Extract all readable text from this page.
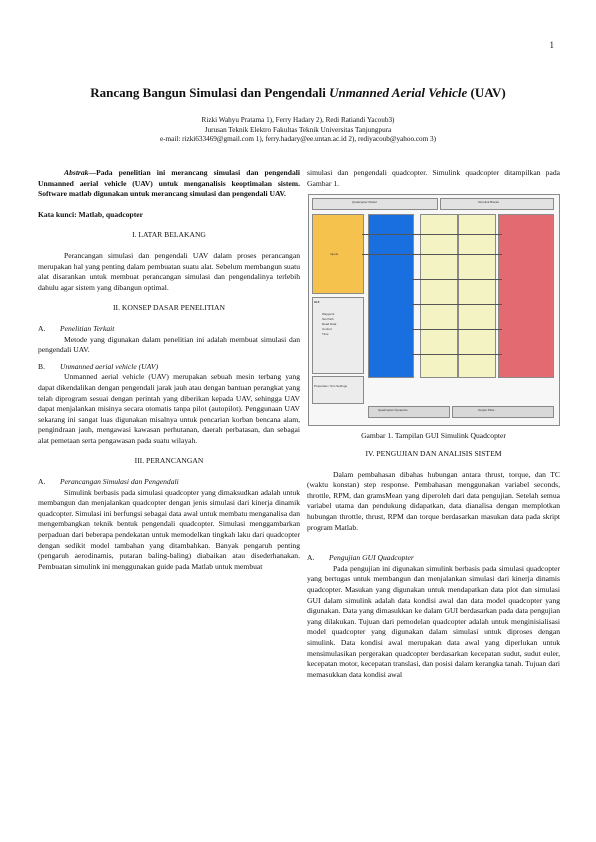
1
Rancang Bangun Simulasi dan Pengendali Unmanned Aerial Vehicle (UAV)
Rizki Wahyu Pratama 1), Ferry Hadary 2), Redi Ratiandi Yacoub3)
Jurusan Teknik Elektro Fakultas Teknik Universitas Tanjungpura
e-mail: rizki633469@gmail.com 1), ferry.hadary@ee.untan.ac.id 2), rediyacoub@yahoo.com 3)

Abstrak—Pada penelitian ini merancang simulasi dan pengendali Unmanned aerial vehicle (UAV) untuk menganalisis keoptimalan sistem. Software matlab digunakan untuk merancang simulasi dan pengendali UAV.

Kata kunci: Matlab, quadcopter

I. LATAR BELAKANG

Perancangan simulasi dan pengendali UAV dalam proses perancangan merupakan hal yang penting dalam pembuatan suatu alat. Sebelum membangun suatu alat disarankan untuk membuat perancangan simulasi dan pengendalinya terlebih dahulu agar sistem yang dibangun optimal.

II. KONSEP DASAR PENELITIAN

A. Penelitian Terkait

Metode yang digunakan dalam penelitian ini adalah membuat simulasi dan pengendali UAV.

B. Unmanned aerial vehicle (UAV)

Unmanned aerial vehicle (UAV) merupakan sebuah mesin terbang yang dapat dikendalikan dengan pengendali jarak jauh atau dengan bantuan perangkat yang telah diprogram sesuai dengan perintah yang diberikan kepada UAV, sehingga UAV dapat menjalankan misinya secara otomatis tanpa pilot (autopilot). Penggunaan UAV sekarang ini sangat luas digunakan misalnya untuk pencarian korban bencana alam, pengindraan jauh, mengawasi kawasan perhutanan, daerah perbatasan, dan sebagai alat pemetaan serta pengawasan pada suatu wilayah.

III. PERANCANGAN

A. Perancangan Simulasi dan Pengendali

Simulink berbasis pada simulasi quadcopter yang dimaksudkan adalah untuk membangun dan menjalankan quadcopter dengan jenis simulasi dari kinerja dinamik quadcopter. Simulasi ini berfungsi sebagai data awal untuk membatu menganalisa dan mengembangkan teknik bentuk pengendali quadcopter. Simulasi menggambarkan perpaduan dari beberapa pendekatan untuk memodelkan tingkah laku dari quadcopter dengan sedikit model tambahan yang ditambahkan. Banyak pengaruh penting (pengaruh aerodinamis, putaran baling-baling) diabaikan atau disederhanakan. Pembuatan simulink ini menggunakan guide pada Matlab untuk membuat

simulasi dan pengendali quadcopter. Simulink quadcopter ditampilkan pada Gambar 1.

Quadcopter Model	Simulink Blocks
Inputs
GUI
Waypoint
Set Path
Read Data
Control
Time
Properties / Sim Settings
Quadcopter Dynamics	Output Plots
Gambar 1. Tampilan GUI Simulink Quadcopter

IV. PENGUJIAN DAN ANALISIS SISTEM

Dalam pembahasan dibahas hubungan antara thrust, torque, dan TC (waktu konstan) step response. Pembahasan menggunakan variabel seconds, throttle, RPM, dan gramsMean yang diperoleh dari data pengujian. Setelah semua variabel utama dan pendukung didapatkan, data dianalisa dengan memplotkan hubungan throttle, thrust, RPM dan torque berdasarkan masukan data pada skript program Matlab.

A. Pengujian GUI Quadcopter

Pada pengujian ini digunakan simulink berbasis pada simulasi quadcopter yang bertugas untuk membangun dan menjalankan simulasi dari kinerja dinamis quadcopter. Masukan yang digunakan untuk mendapatkan data plot dan simulasi GUI dalam simulink adalah data kondisi awal dan data model quadcopter yang digunakan. Data yang dimasukkan ke dalam GUI berdasarkan pada data pengujian yang dilakukan. Tujuan dari pemodelan quadcopter adalah untuk menginisialisasi model quadcopter yang digunakan dalam simulasi untuk diproses dengan simulink. Data kondisi awal merupakan data awal yang diperlukan untuk mensimulasikan pergerakan quadcopter berdasarkan kecepatan sudut, sudut euler, kecepatan motor, kecepatan translasi, dan posisi dalam kerangka tanah. Tujuan dari memasukkan data kondisi awal
